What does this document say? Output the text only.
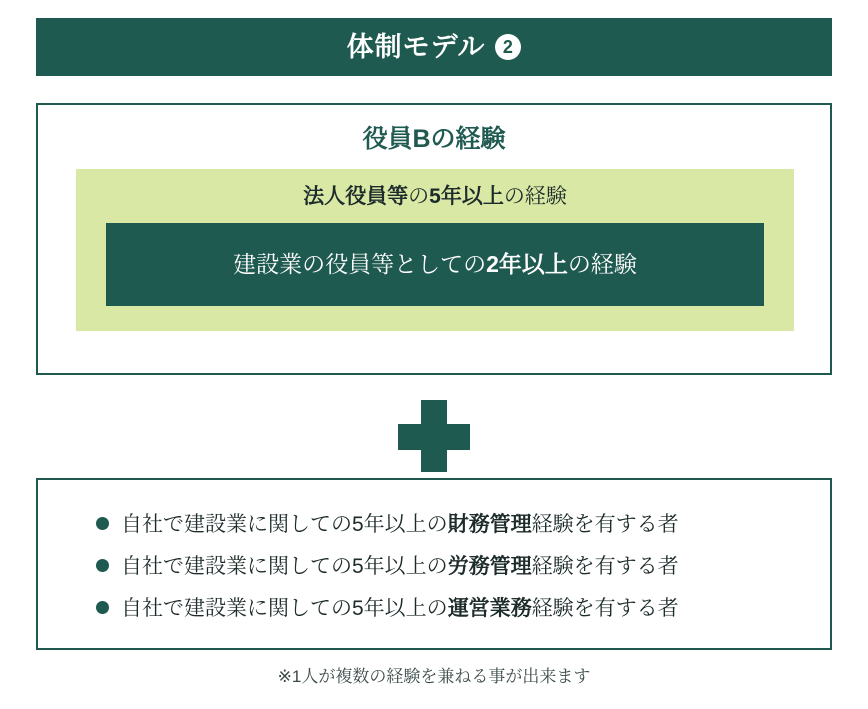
体制モデル 2
役員Bの経験
法人役員等の5年以上の経験
建設業の役員等としての2年以上の経験
自社で建設業に関しての5年以上の財務管理経験を有する者
自社で建設業に関しての5年以上の労務管理経験を有する者
自社で建設業に関しての5年以上の運営業務経験を有する者
※1人が複数の経験を兼ねる事が出来ます
